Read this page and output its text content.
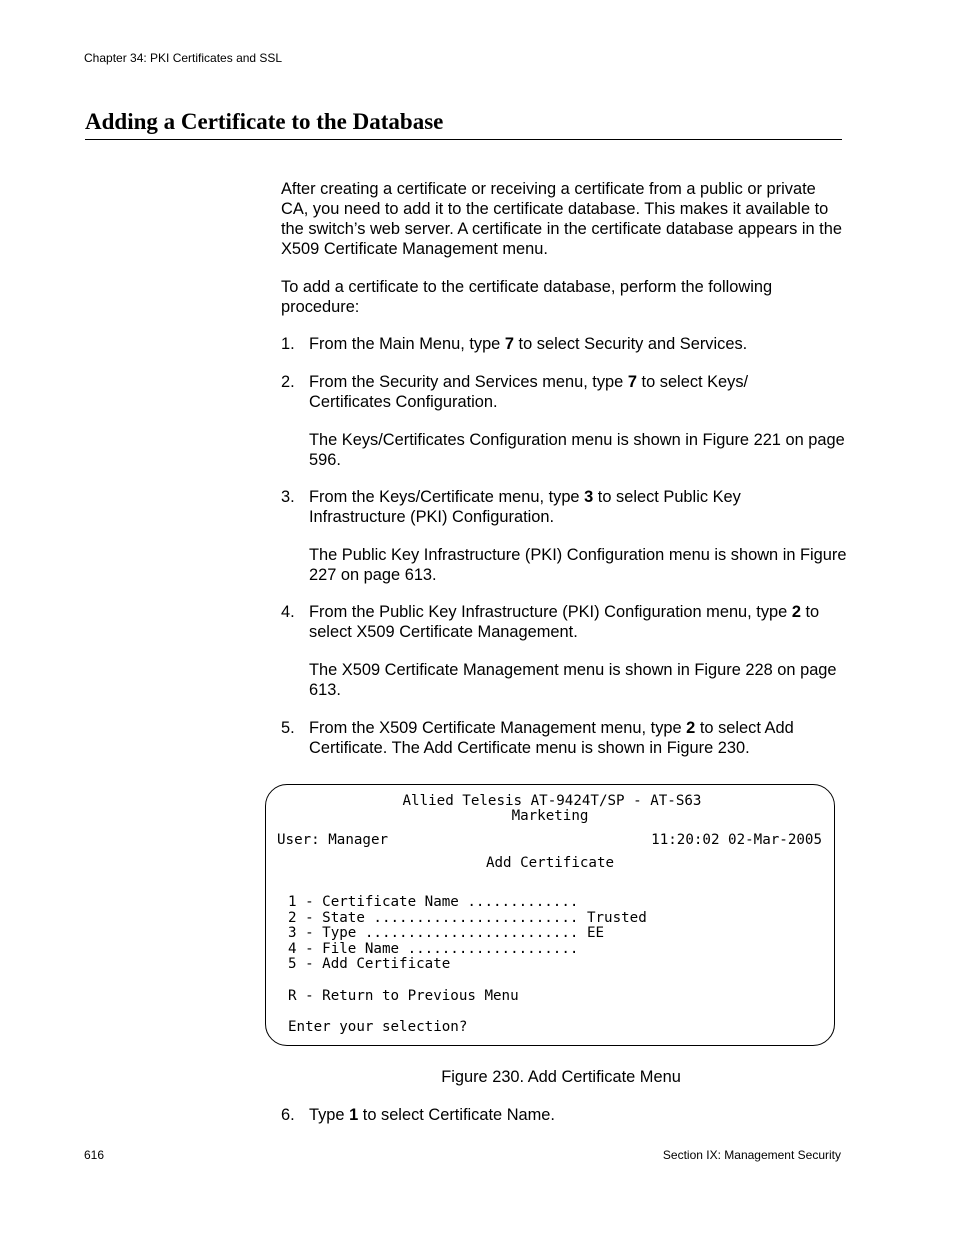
Chapter 34: PKI Certificates and SSL
Adding a Certificate to the Database
After creating a certificate or receiving a certificate from a public or private CA, you need to add it to the certificate database. This makes it available to the switch’s web server. A certificate in the certificate database appears in the X509 Certificate Management menu.
To add a certificate to the certificate database, perform the following procedure:
1. From the Main Menu, type 7 to select Security and Services.
2. From the Security and Services menu, type 7 to select Keys/ Certificates Configuration.
The Keys/Certificates Configuration menu is shown in Figure 221 on page 596.
3. From the Keys/Certificate menu, type 3 to select Public Key Infrastructure (PKI) Configuration.
The Public Key Infrastructure (PKI) Configuration menu is shown in Figure 227 on page 613.
4. From the Public Key Infrastructure (PKI) Configuration menu, type 2 to select X509 Certificate Management.
The X509 Certificate Management menu is shown in Figure 228 on page 613.
5. From the X509 Certificate Management menu, type 2 to select Add Certificate. The Add Certificate menu is shown in Figure 230.
Allied Telesis AT-9424T/SP - AT-S63
Marketing
User: Manager	11:20:02 02-Mar-2005
Add Certificate
1 - Certificate Name .............
2 - State ........................ Trusted
3 - Type ......................... EE
4 - File Name ....................
5 - Add Certificate
R - Return to Previous Menu
Enter your selection?
Figure 230. Add Certificate Menu
6. Type 1 to select Certificate Name.
616	Section IX: Management Security
